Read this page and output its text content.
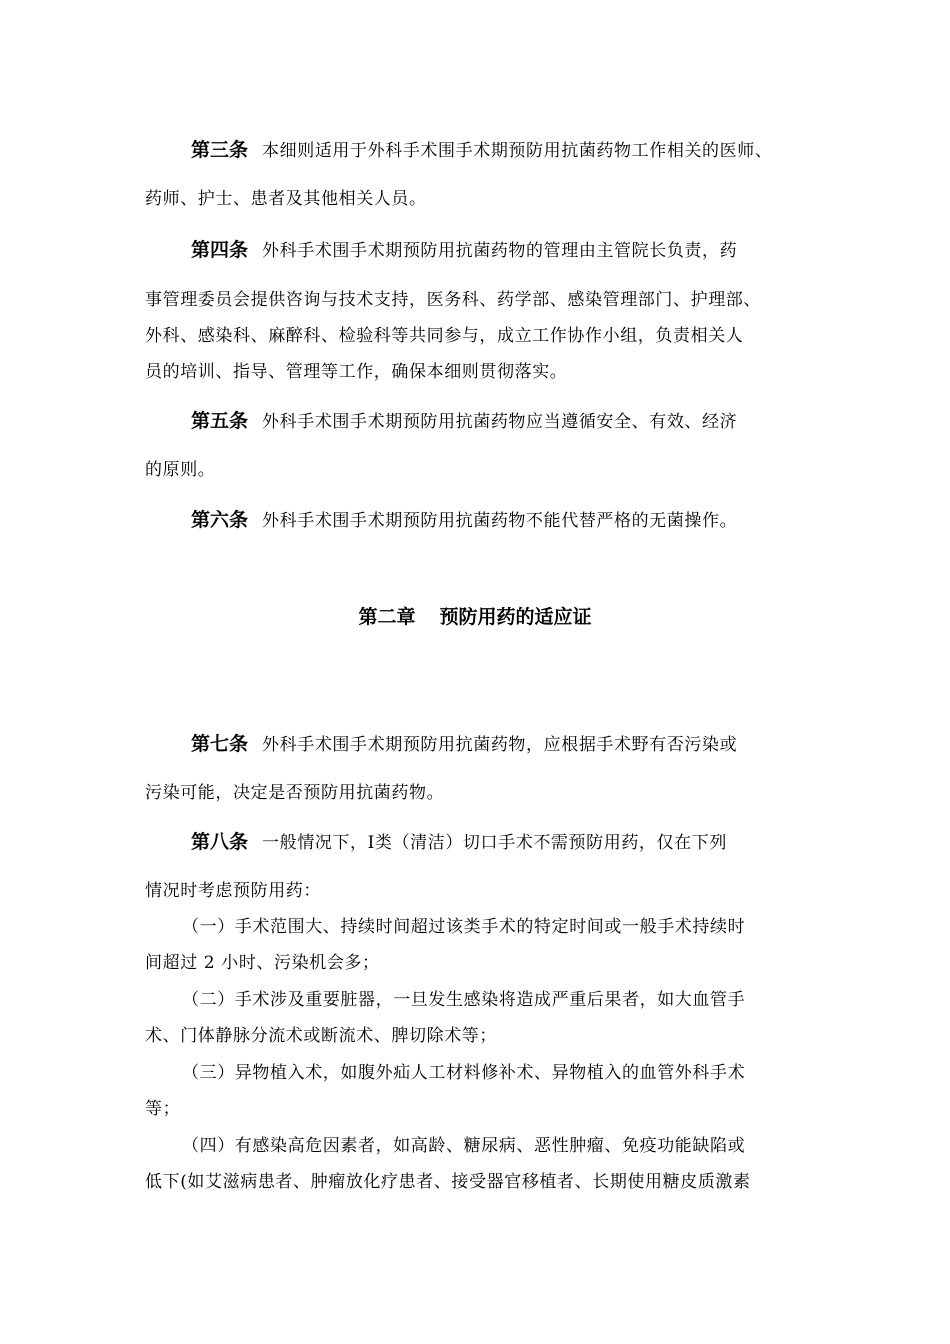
第三条 本细则适用于外科手术围手术期预防用抗菌药物工作相关的医师、
药师、护士、患者及其他相关人员。
第四条 外科手术围手术期预防用抗菌药物的管理由主管院长负责，药
事管理委员会提供咨询与技术支持，医务科、药学部、感染管理部门、护理部、
外科、感染科、麻醉科、检验科等共同参与，成立工作协作小组，负责相关人
员的培训、指导、管理等工作，确保本细则贯彻落实。
第五条 外科手术围手术期预防用抗菌药物应当遵循安全、有效、经济
的原则。
第六条 外科手术围手术期预防用抗菌药物不能代替严格的无菌操作。
第二章 预防用药的适应证
第七条 外科手术围手术期预防用抗菌药物，应根据手术野有否污染或
污染可能，决定是否预防用抗菌药物。
第八条 一般情况下，Ⅰ类（清洁）切口手术不需预防用药，仅在下列
情况时考虑预防用药：
（一）手术范围大、持续时间超过该类手术的特定时间或一般手术持续时
间超过 2 小时、污染机会多；
（二）手术涉及重要脏器，一旦发生感染将造成严重后果者，如大血管手
术、门体静脉分流术或断流术、脾切除术等；
（三）异物植入术，如腹外疝人工材料修补术、异物植入的血管外科手术
等；
（四）有感染高危因素者，如高龄、糖尿病、恶性肿瘤、免疫功能缺陷或
低下(如艾滋病患者、肿瘤放化疗患者、接受器官移植者、长期使用糖皮质激素
